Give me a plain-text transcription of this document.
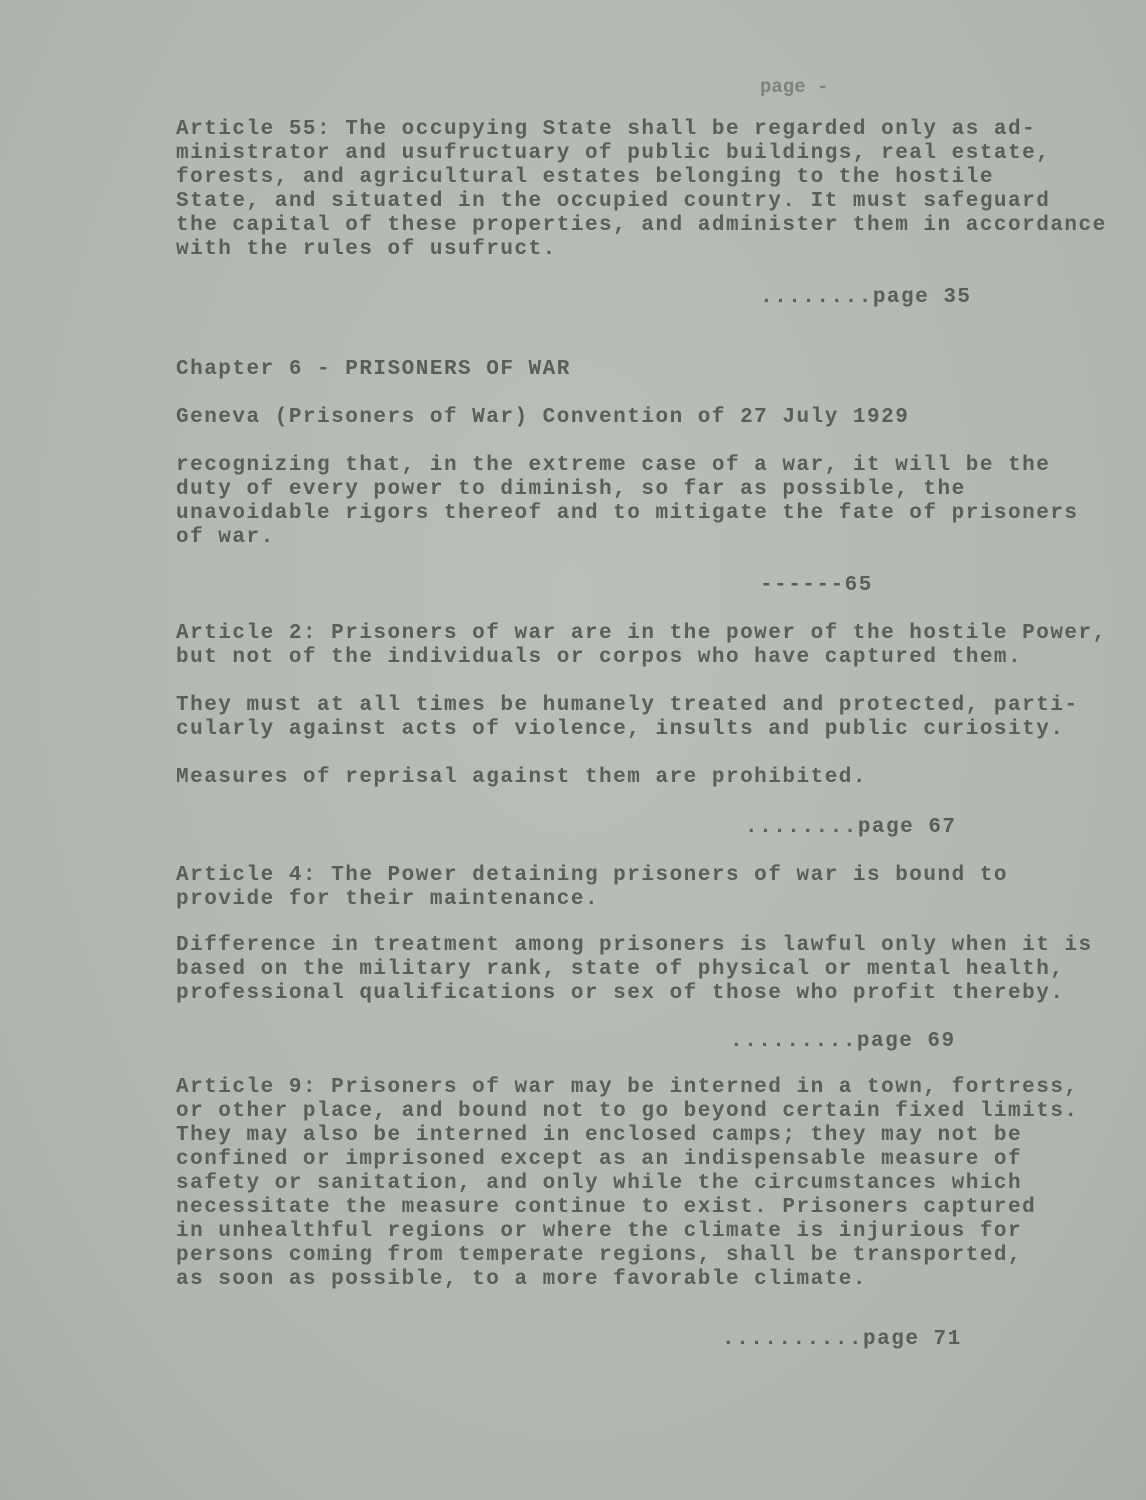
page -
Article 55: The occupying State shall be regarded only as ad-
ministrator and usufructuary of public buildings, real estate,
forests, and agricultural estates belonging to the hostile
State, and situated in the occupied country. It must safeguard
the capital of these properties, and administer them in accordance
with the rules of usufruct.
........page 35
Chapter 6 - PRISONERS OF WAR
Geneva (Prisoners of War) Convention of 27 July 1929
recognizing that, in the extreme case of a war, it will be the
duty of every power to diminish, so far as possible, the
unavoidable rigors thereof and to mitigate the fate of prisoners
of war.
------65
Article 2: Prisoners of war are in the power of the hostile Power,
but not of the individuals or corpos who have captured them.
They must at all times be humanely treated and protected, parti-
cularly against acts of violence, insults and public curiosity.
Measures of reprisal against them are prohibited.
........page 67
Article 4: The Power detaining prisoners of war is bound to
provide for their maintenance.
Difference in treatment among prisoners is lawful only when it is
based on the military rank, state of physical or mental health,
professional qualifications or sex of those who profit thereby.
.........page 69
Article 9: Prisoners of war may be interned in a town, fortress,
or other place, and bound not to go beyond certain fixed limits.
They may also be interned in enclosed camps; they may not be
confined or imprisoned except as an indispensable measure of
safety or sanitation, and only while the circumstances which
necessitate the measure continue to exist. Prisoners captured
in unhealthful regions or where the climate is injurious for
persons coming from temperate regions, shall be transported,
as soon as possible, to a more favorable climate.
..........page 71
